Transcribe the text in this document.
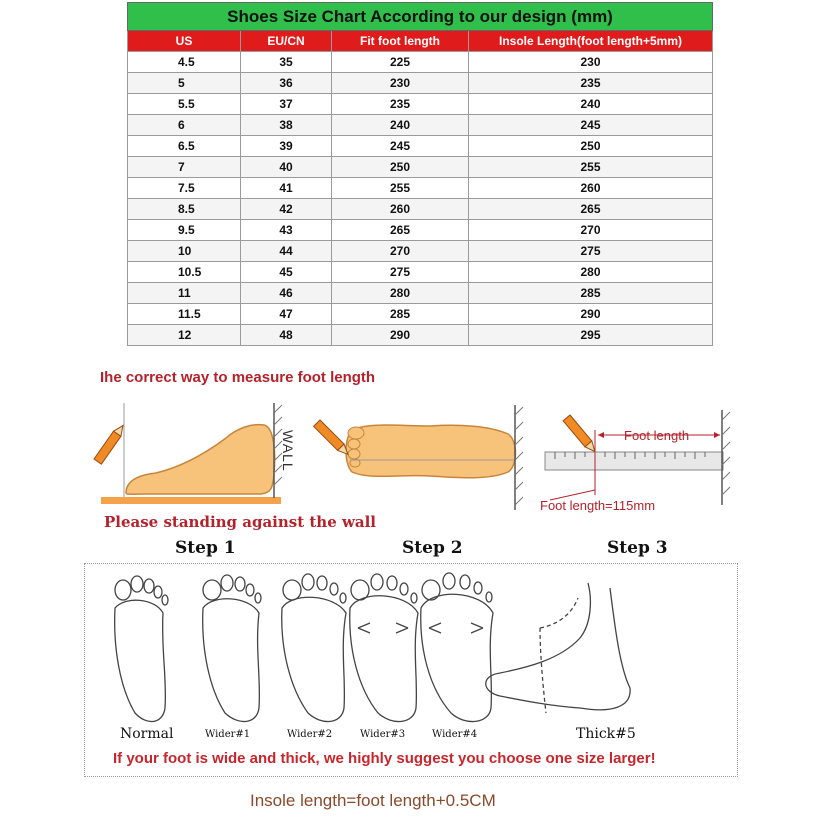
Shoes Size Chart According to our design (mm)			
US	EU/CN	Fit foot length	Insole Length(foot length+5mm)
4.5	35	225	230
5	36	230	235
5.5	37	235	240
6	38	240	245
6.5	39	245	250
7	40	250	255
7.5	41	255	260
8.5	42	260	265
9.5	43	265	270
10	44	270	275
10.5	45	275	280
11	46	280	285
11.5	47	285	290
12	48	290	295
Ihe correct way to measure foot length
WALL	Foot length
Foot length=115mm
Please standing against the wall
Step 1	Step 2	Step 3
Normal	Wider#1	Wider#2	Wider#3	Wider#4	Thick#5
If your foot is wide and thick, we highly suggest you choose one size larger!
Insole length=foot length+0.5CM
